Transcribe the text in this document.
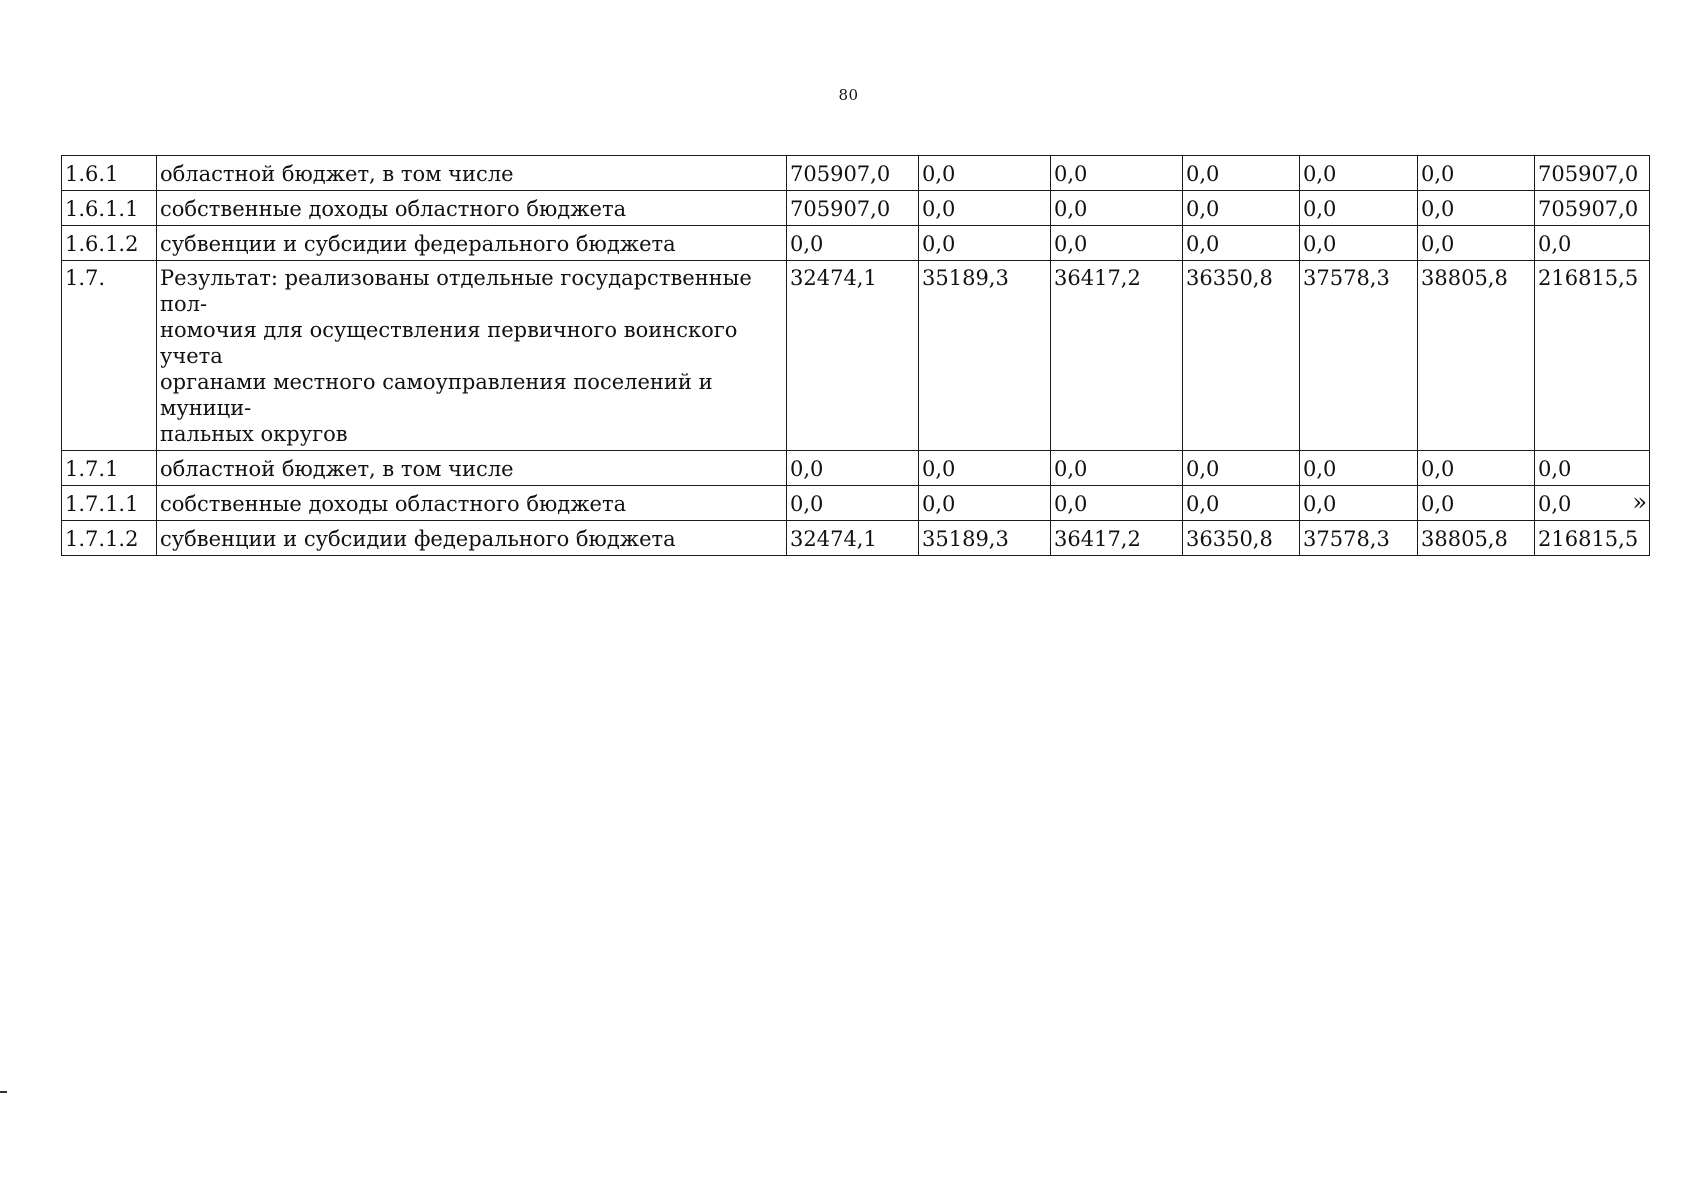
80
1.6.1	областной бюджет, в том числе	705907,0	0,0	0,0	0,0	0,0	0,0	705907,0
1.6.1.1	собственные доходы областного бюджета	705907,0	0,0	0,0	0,0	0,0	0,0	705907,0
1.6.1.2	субвенции и субсидии федерального бюджета	0,0	0,0	0,0	0,0	0,0	0,0	0,0
1.7.	Результат: реализованы отдельные государственные пол-
номочия для осуществления первичного воинского учета
органами местного самоуправления поселений и муници-
пальных округов	32474,1	35189,3	36417,2	36350,8	37578,3	38805,8	216815,5
1.7.1	областной бюджет, в том числе	0,0	0,0	0,0	0,0	0,0	0,0	0,0
1.7.1.1	собственные доходы областного бюджета	0,0	0,0	0,0	0,0	0,0	0,0	0,0
1.7.1.2	субвенции и субсидии федерального бюджета	32474,1	35189,3	36417,2	36350,8	37578,3	38805,8	216815,5
»
